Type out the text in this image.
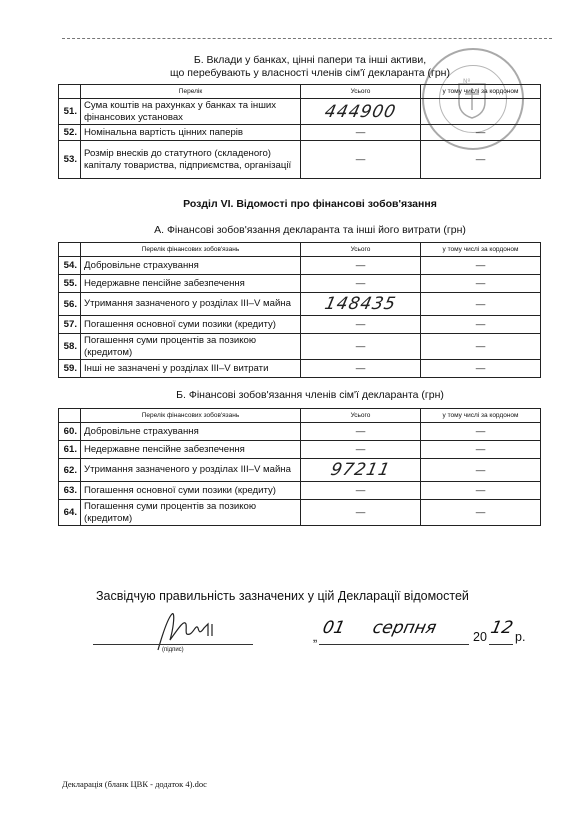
Nº
Б. Вклади у банках, цінні папери та інші активи,
що перебувають у власності членів сім'ї декларанта (грн)
	Перелік	Усього	у тому числі за кордоном
51.	Сума коштів на рахунках у банках та інших фінансових установах	444900	
52.	Номінальна вартість цінних паперів	—	—
53.	Розмір внесків до статутного (складеного) капіталу товариства, підприємства, організації	—	—
Розділ VI. Відомості про фінансові зобов'язання
А. Фінансові зобов'язання декларанта та інші його витрати (грн)
	Перелік фінансових зобов'язань	Усього	у тому числі за кордоном
54.	Добровільне страхування	—	—
55.	Недержавне пенсійне забезпечення	—	—
56.	Утримання зазначеного у розділах III–V майна	148435	—
57.	Погашення основної суми позики (кредиту)	—	—
58.	Погашення суми процентів за позикою (кредитом)	—	—
59.	Інші не зазначені у розділах III–V витрати	—	—
Б. Фінансові зобов'язання членів сім'ї декларанта (грн)
	Перелік фінансових зобов'язань	Усього	у тому числі за кордоном
60.	Добровільне страхування	—	—
61.	Недержавне пенсійне забезпечення	—	—
62.	Утримання зазначеного у розділах III–V майна	97211	—
63.	Погашення основної суми позики (кредиту)	—	—
64.	Погашення суми процентів за позикою (кредитом)	—	—
Засвідчую правильність зазначених у цій Декларації відомостей
(підпис)
„ 01 серпня	20 12 р.
Декларація (бланк ЦВК - додаток 4).doc
